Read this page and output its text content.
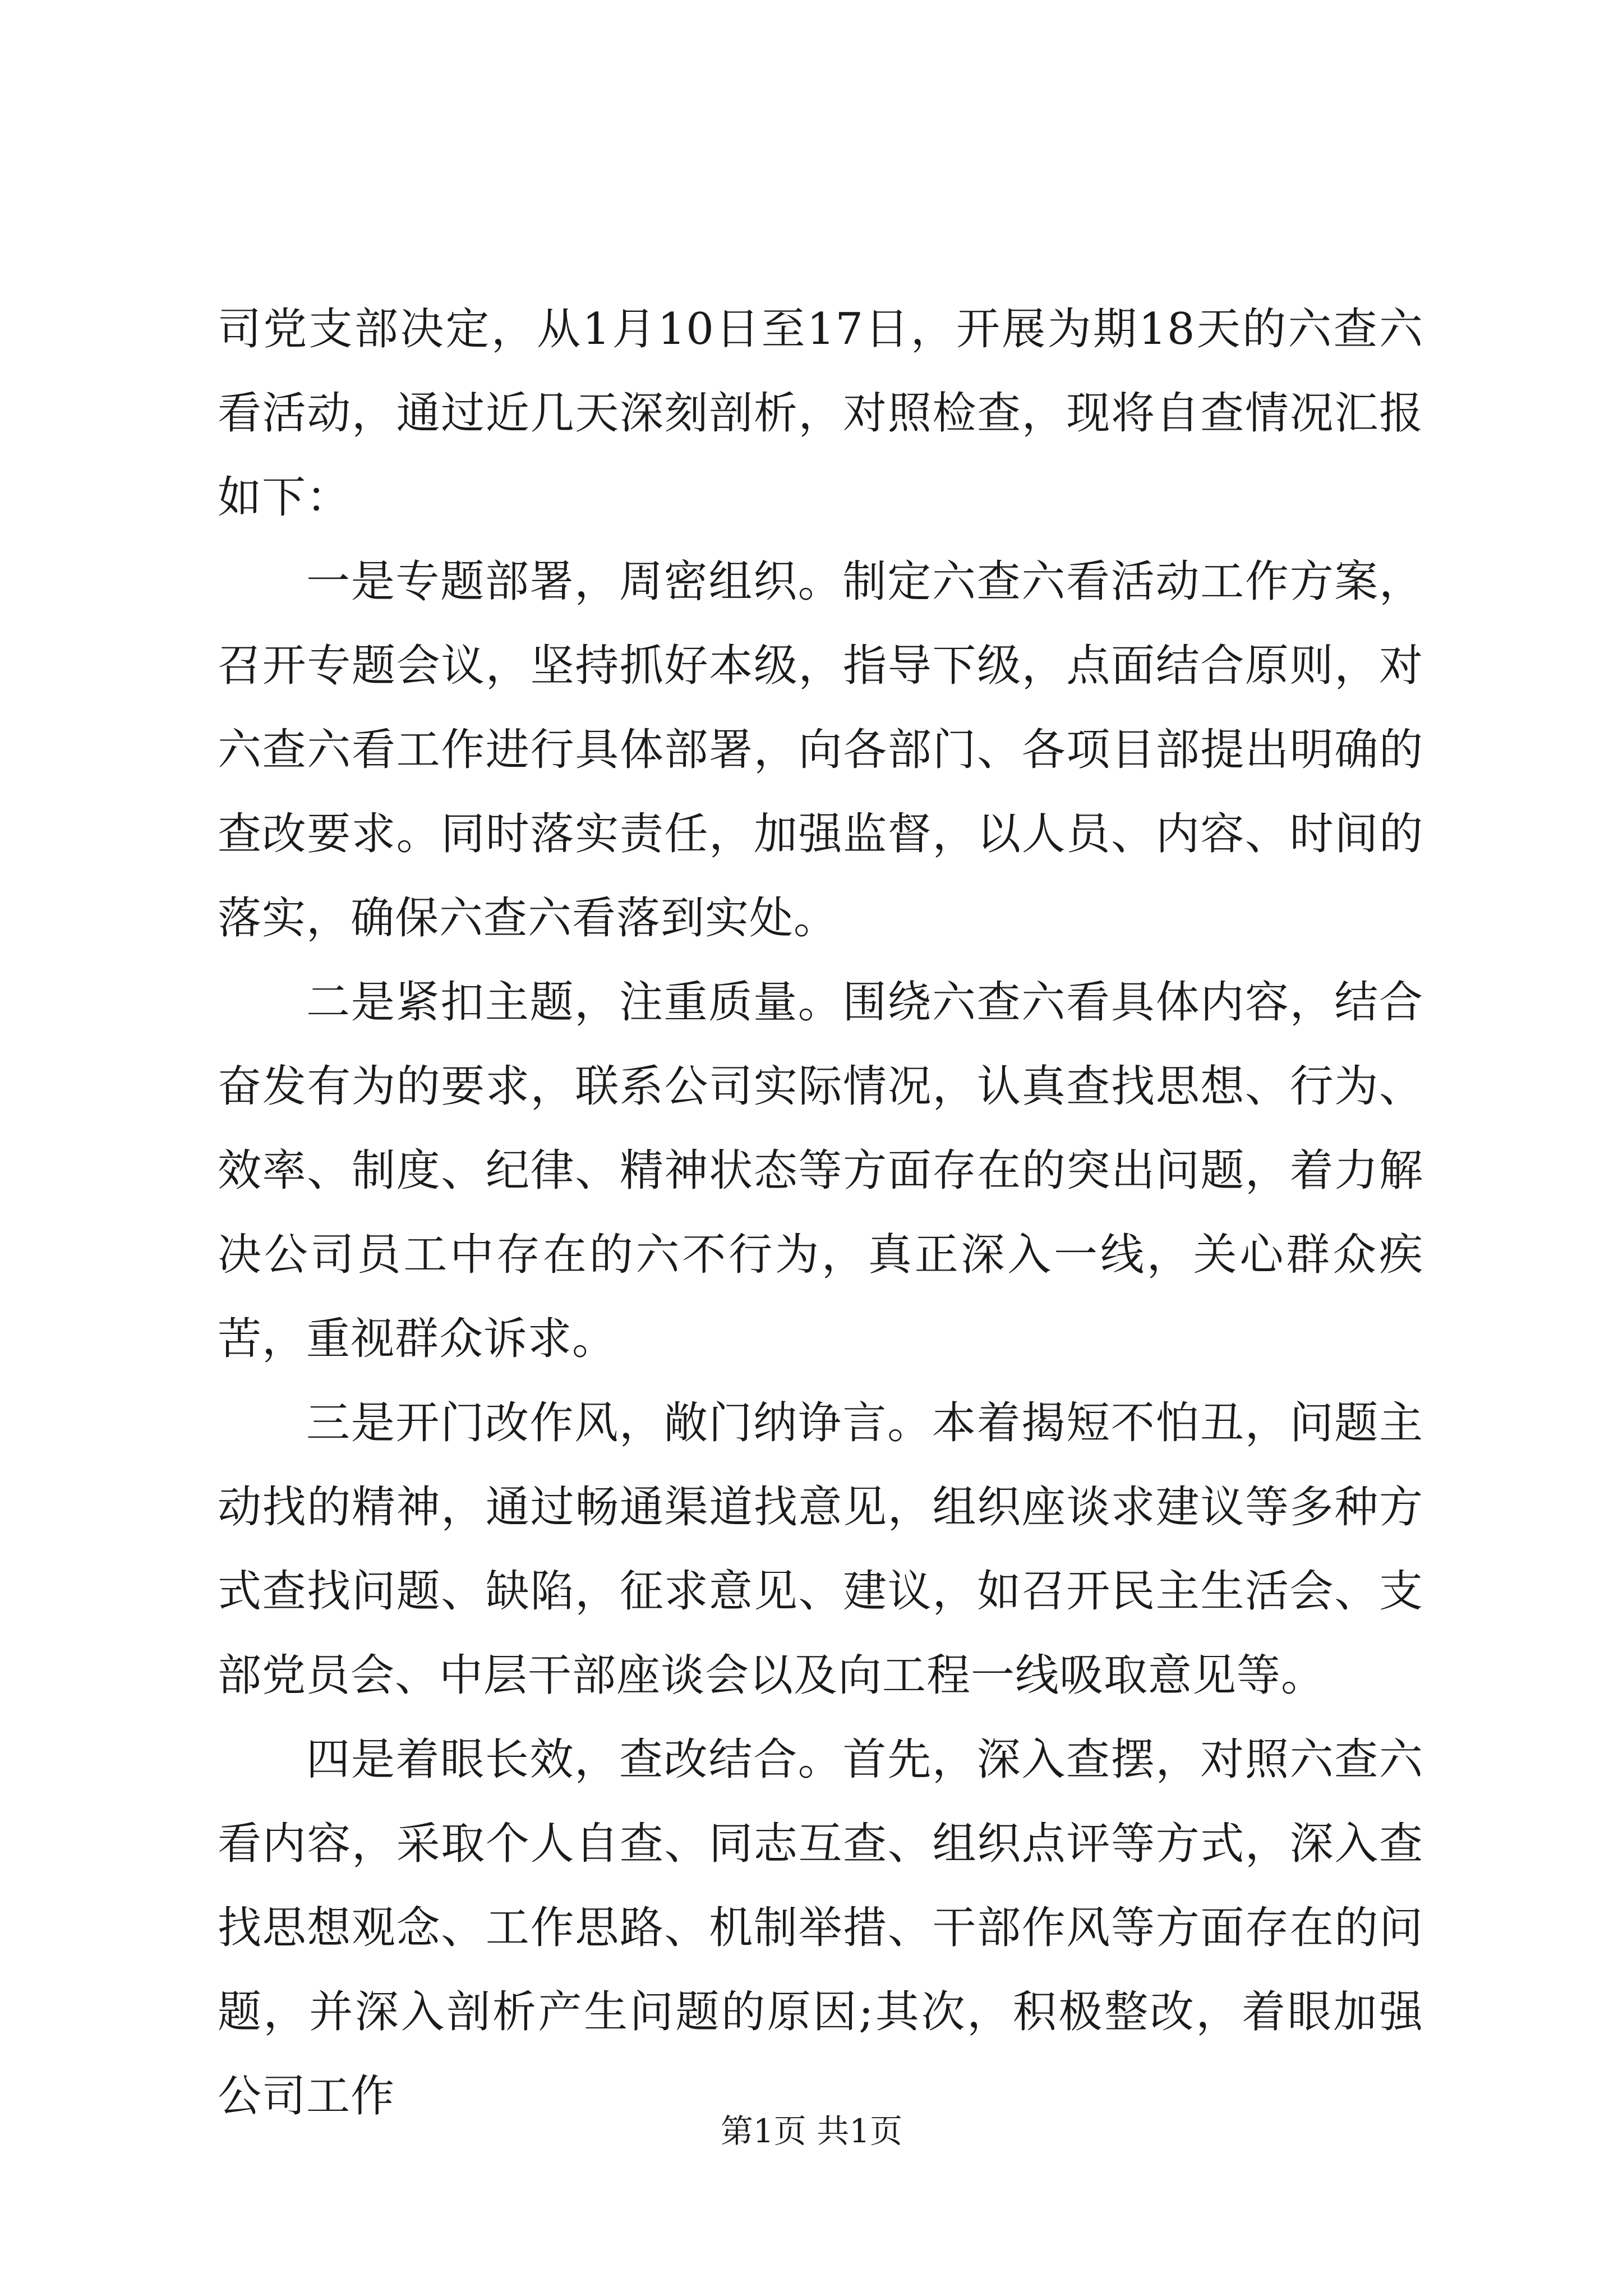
司党支部决定，从1月10日至17日，开展为期18天的六查六看活动，通过近几天深刻剖析，对照检查，现将自查情况汇报如下：

一是专题部署，周密组织。制定六查六看活动工作方案，召开专题会议，坚持抓好本级，指导下级，点面结合原则，对六查六看工作进行具体部署，向各部门、各项目部提出明确的查改要求。同时落实责任，加强监督，以人员、内容、时间的落实，确保六查六看落到实处。

二是紧扣主题，注重质量。围绕六查六看具体内容，结合奋发有为的要求，联系公司实际情况，认真查找思想、行为、效率、制度、纪律、精神状态等方面存在的突出问题，着力解决公司员工中存在的六不行为，真正深入一线，关心群众疾苦，重视群众诉求。

三是开门改作风，敞门纳诤言。本着揭短不怕丑，问题主动找的精神，通过畅通渠道找意见，组织座谈求建议等多种方式查找问题、缺陷，征求意见、建议，如召开民主生活会、支部党员会、中层干部座谈会以及向工程一线吸取意见等。

四是着眼长效，查改结合。首先，深入查摆，对照六查六看内容，采取个人自查、同志互查、组织点评等方式，深入查找思想观念、工作思路、机制举措、干部作风等方面存在的问题，并深入剖析产生问题的原因;其次，积极整改，着眼加强公司工作

第1页 共1页
